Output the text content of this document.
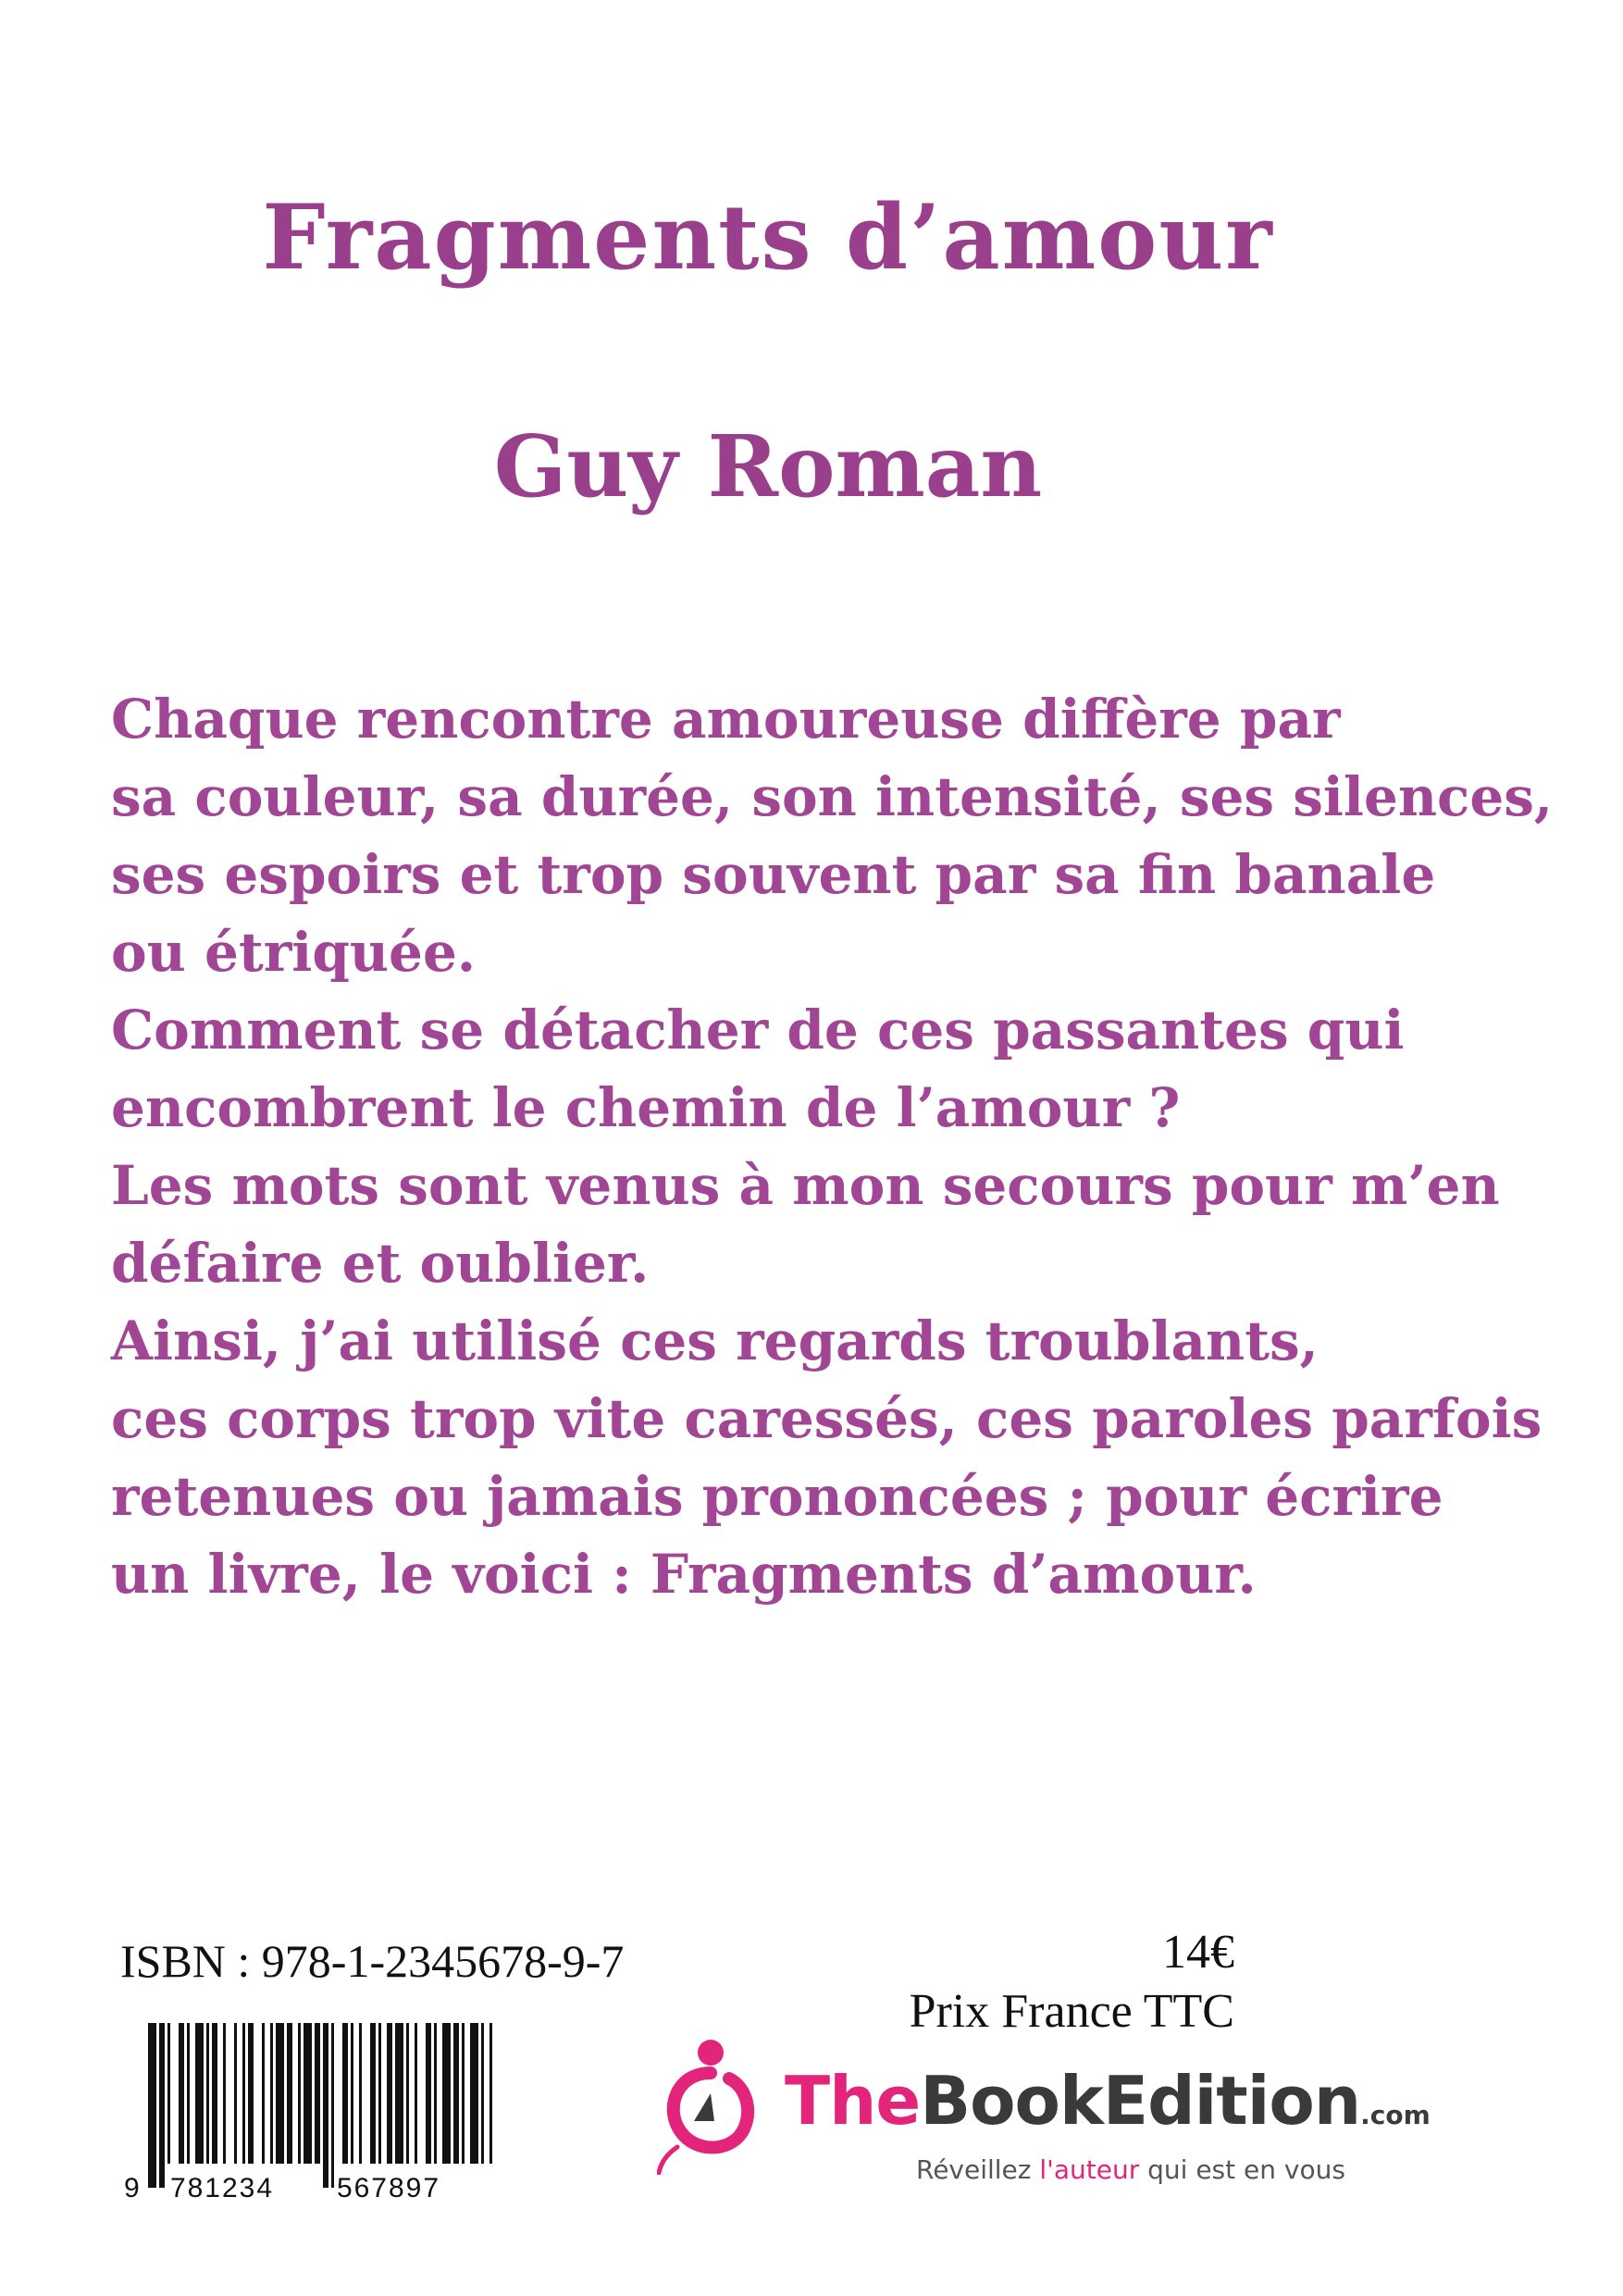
Fragments d’amour
Guy Roman
Chaque rencontre amoureuse diffère par
sa couleur, sa durée, son intensité, ses silences,
ses espoirs et trop souvent par sa fin banale
ou étriquée.
Comment se détacher de ces passantes qui
encombrent le chemin de l’amour ?
Les mots sont venus à mon secours pour m’en
défaire et oublier.
Ainsi, j’ai utilisé ces regards troublants,
ces corps trop vite caressés, ces paroles parfois
retenues ou jamais prononcées ; pour écrire
un livre, le voici : Fragments d’amour.
ISBN : 978-1-2345678-9-7
9 781234 567897
14€
Prix France TTC
TheBookEdition.com
Réveillez l'auteur qui est en vous
